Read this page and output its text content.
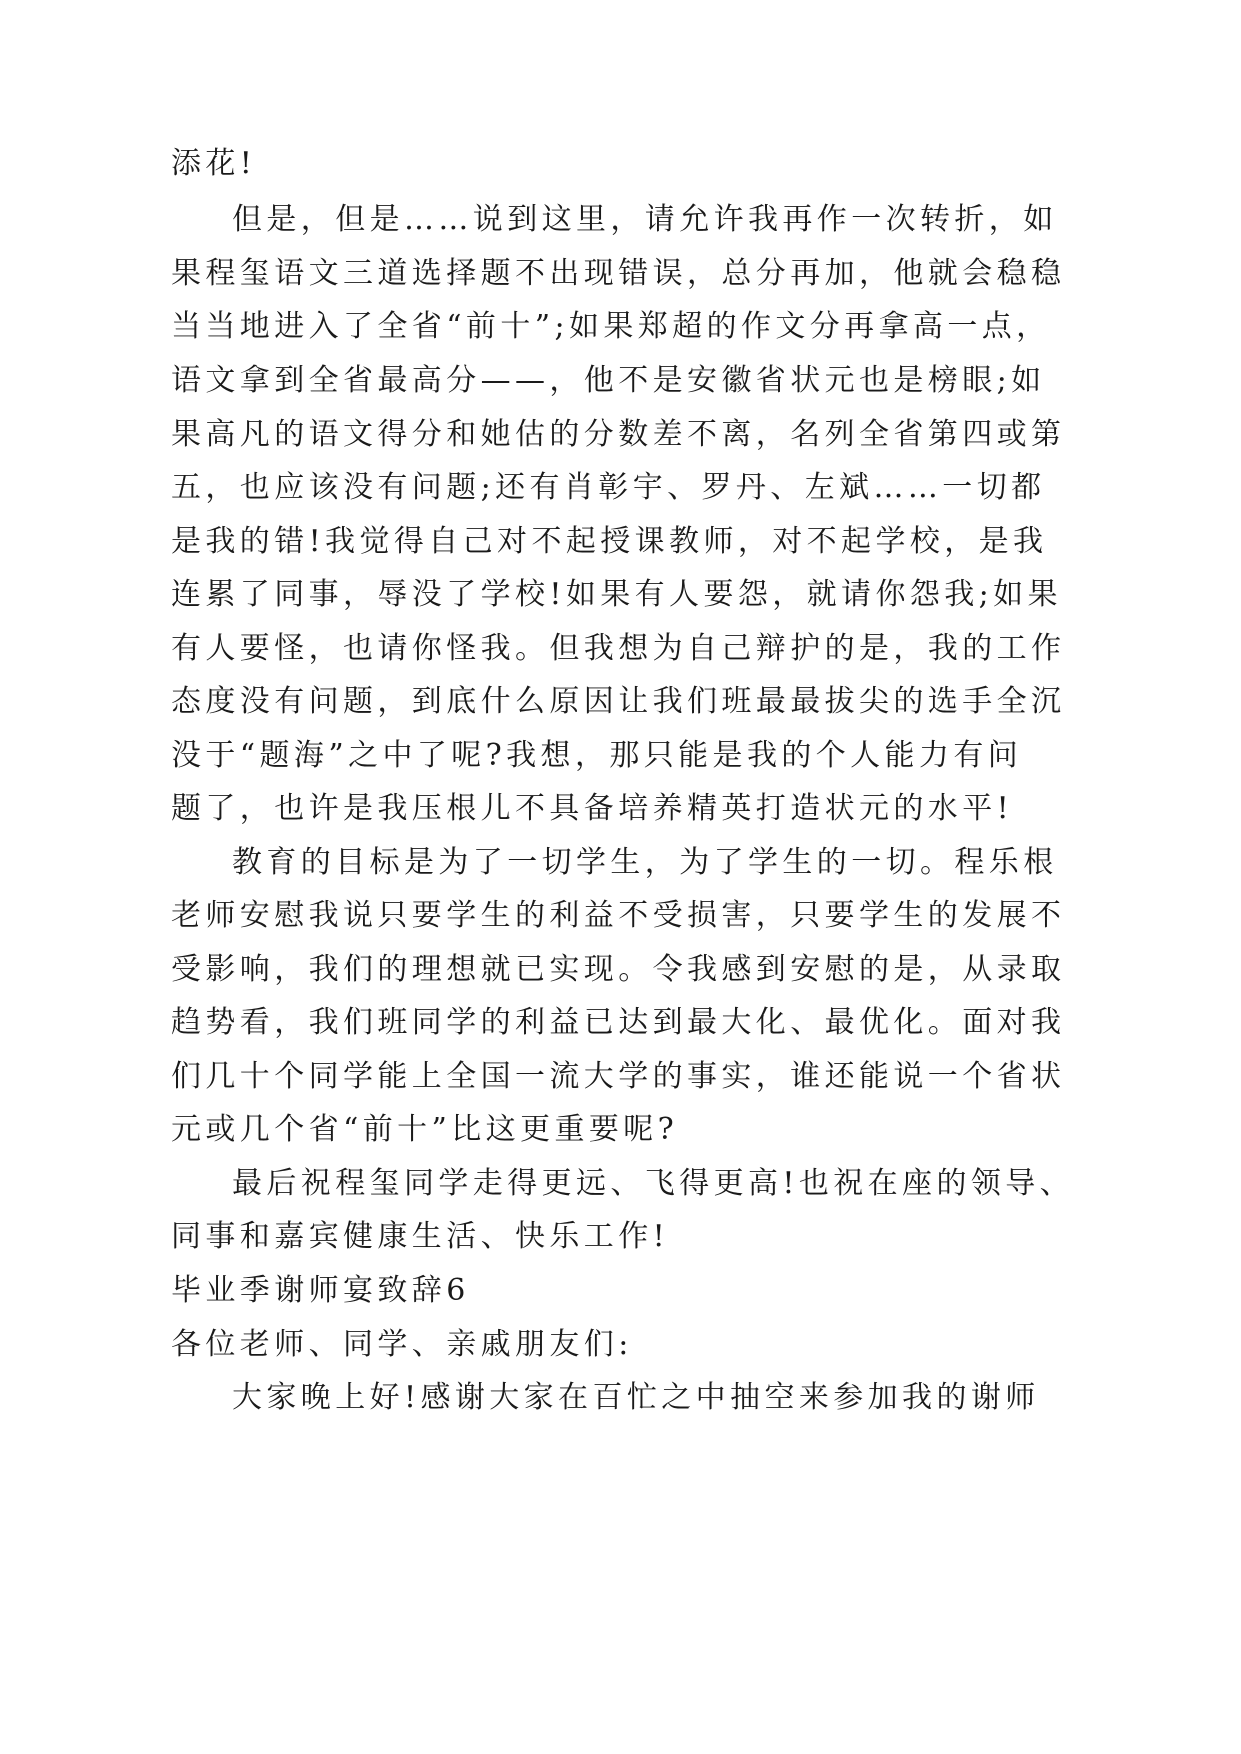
添花!
但是，但是……说到这里，请允许我再作一次转折，如
果程玺语文三道选择题不出现错误，总分再加，他就会稳稳
当当地进入了全省“前十”;如果郑超的作文分再拿高一点，
语文拿到全省最高分——，他不是安徽省状元也是榜眼;如
果高凡的语文得分和她估的分数差不离，名列全省第四或第
五，也应该没有问题;还有肖彰宇、罗丹、左斌……一切都
是我的错!我觉得自己对不起授课教师，对不起学校，是我
连累了同事，辱没了学校!如果有人要怨，就请你怨我;如果
有人要怪，也请你怪我。但我想为自己辩护的是，我的工作
态度没有问题，到底什么原因让我们班最最拔尖的选手全沉
没于“题海”之中了呢?我想，那只能是我的个人能力有问
题了，也许是我压根儿不具备培养精英打造状元的水平!
教育的目标是为了一切学生，为了学生的一切。程乐根
老师安慰我说只要学生的利益不受损害，只要学生的发展不
受影响，我们的理想就已实现。令我感到安慰的是，从录取
趋势看，我们班同学的利益已达到最大化、最优化。面对我
们几十个同学能上全国一流大学的事实，谁还能说一个省状
元或几个省“前十”比这更重要呢?
最后祝程玺同学走得更远、飞得更高!也祝在座的领导、
同事和嘉宾健康生活、快乐工作!
毕业季谢师宴致辞6
各位老师、同学、亲戚朋友们:
大家晚上好!感谢大家在百忙之中抽空来参加我的谢师
